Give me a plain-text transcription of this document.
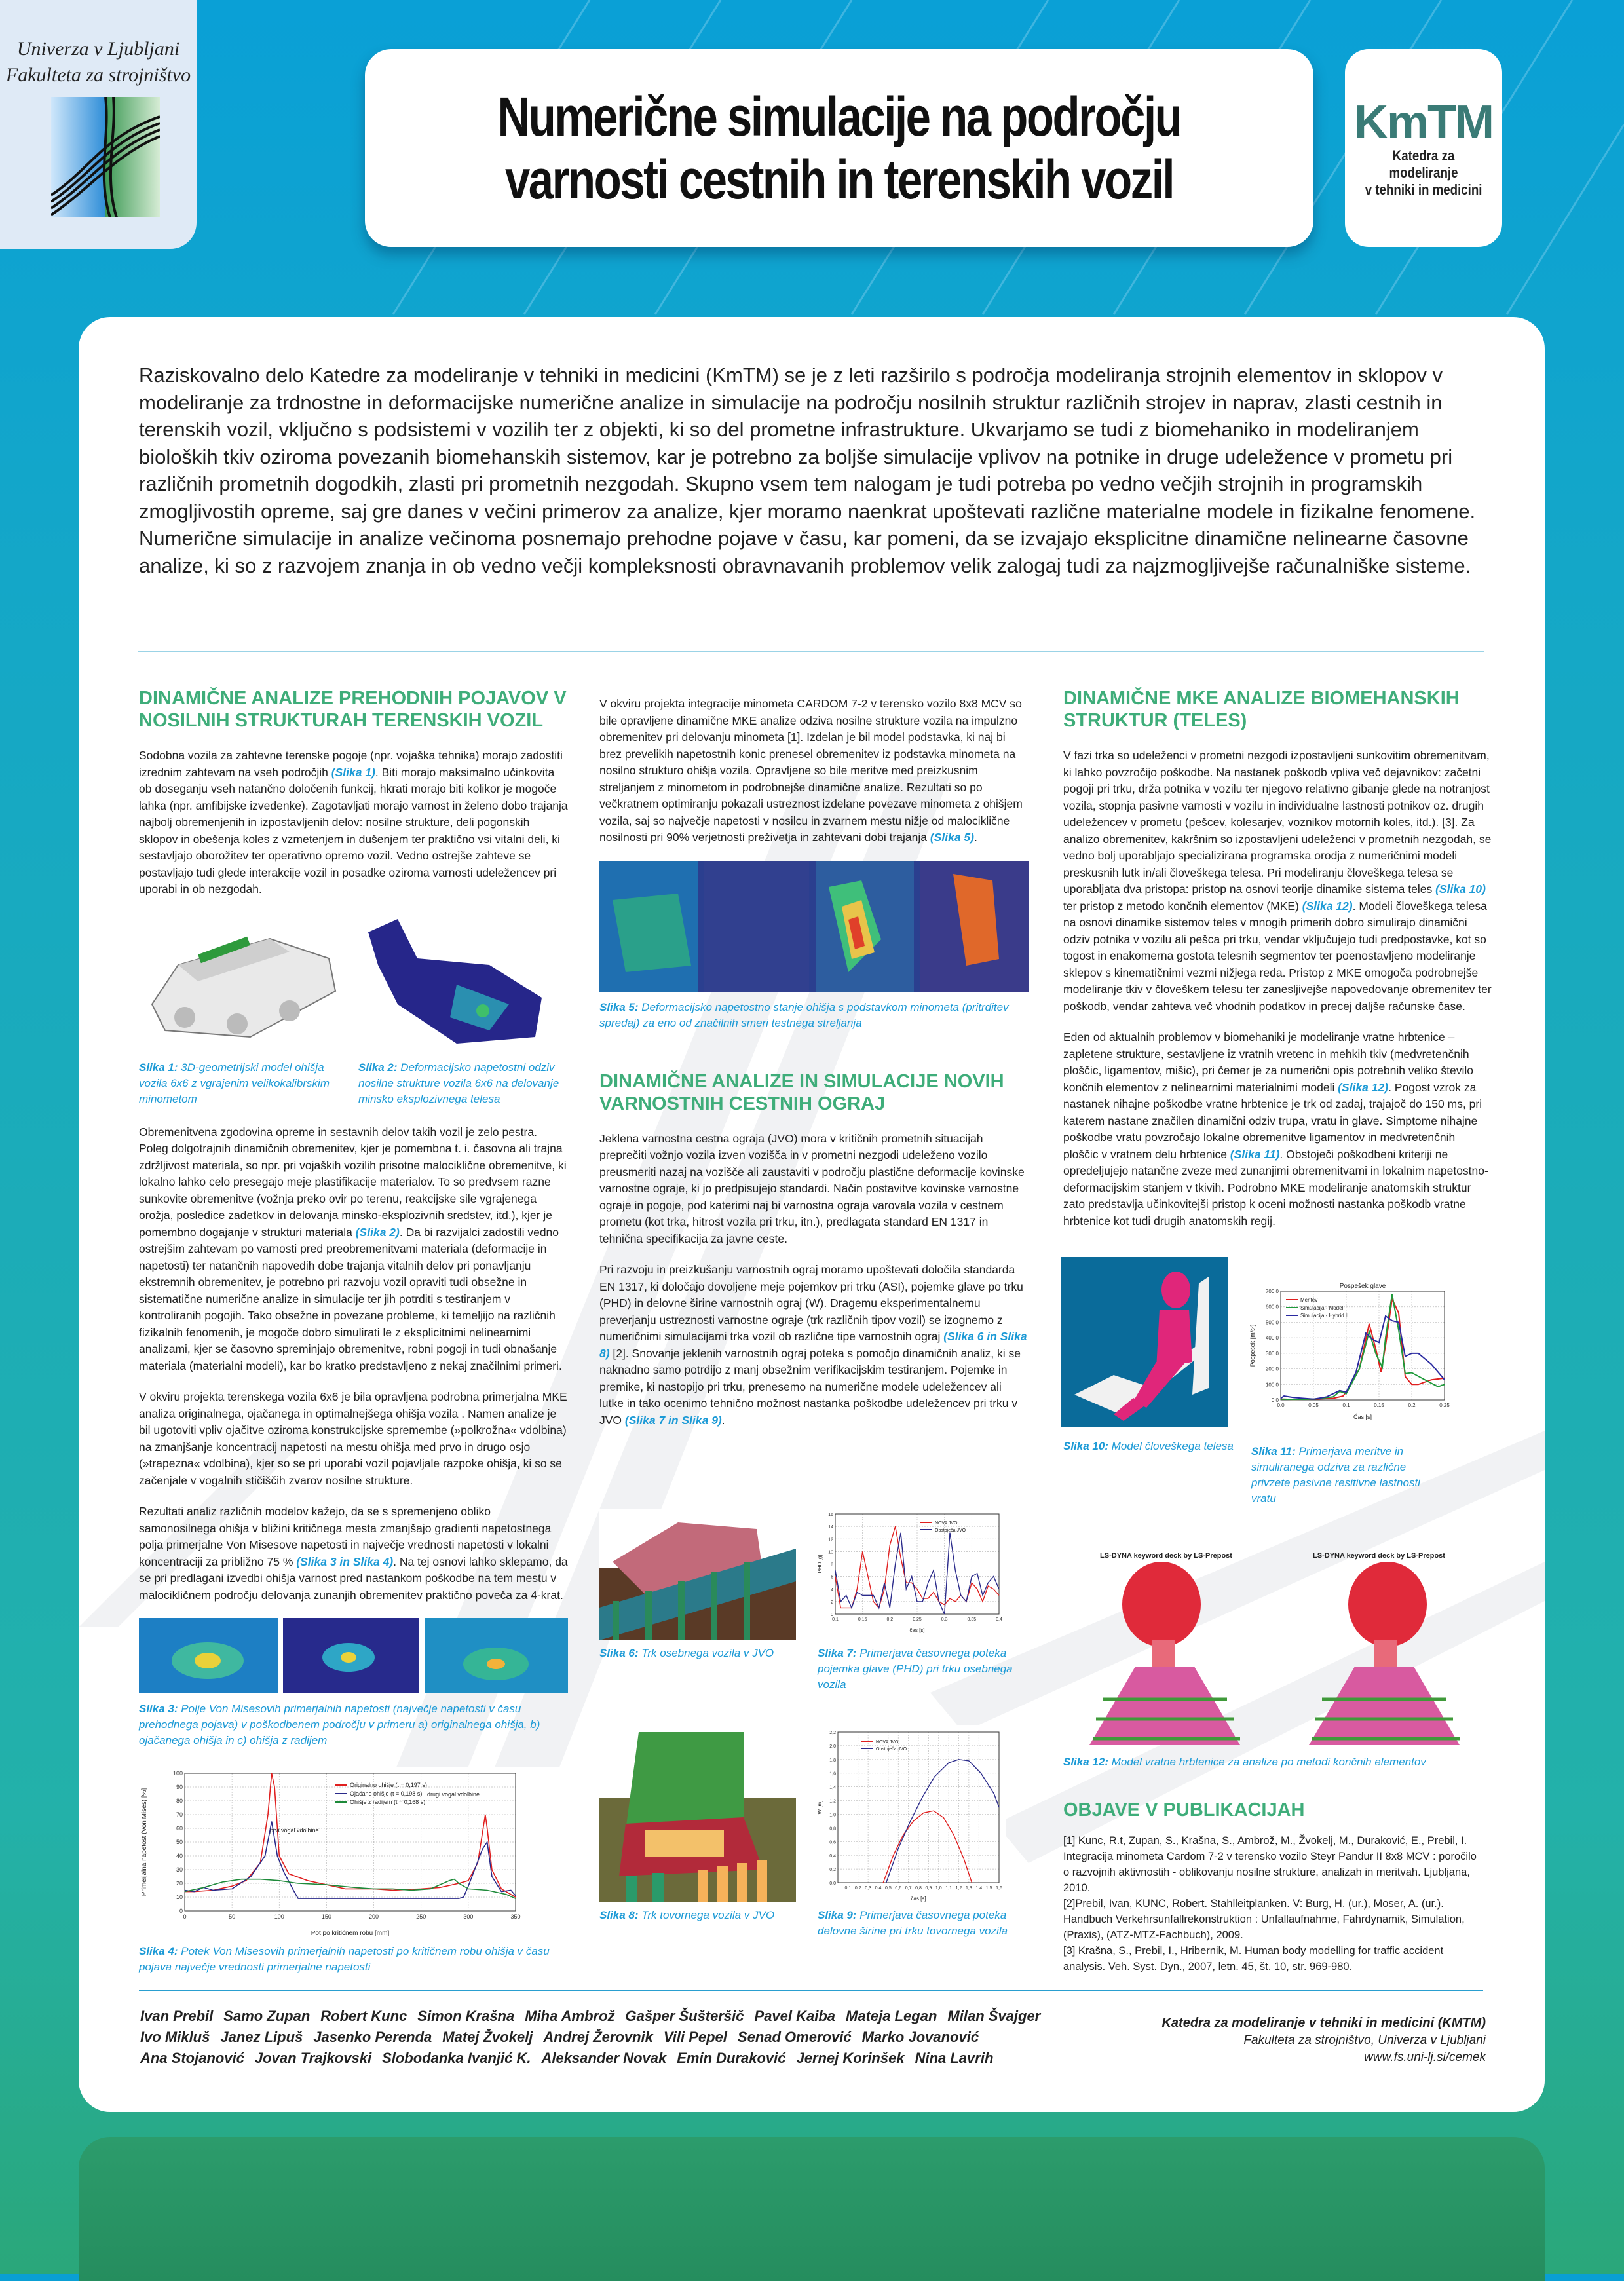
Univerza v Ljubljani
Fakulteta za strojništvo
Numerične simulacije na področju
varnosti cestnih in terenskih vozil
KmTM
Katedra za modeliranje
v tehniki in medicini
Raziskovalno delo Katedre za modeliranje v tehniki in medicini (KmTM) se je z leti razširilo s področja modeliranja strojnih elementov in sklopov v modeliranje za trdnostne in deformacijske numerične analize in simulacije na področju nosilnih struktur različnih strojev in naprav, zlasti cestnih in terenskih vozil, vključno s podsistemi v vozilih ter z objekti, ki so del prometne infrastrukture. Ukvarjamo se tudi z biomehaniko in modeliranjem bioloških tkiv oziroma povezanih biomehanskih sistemov, kar je potrebno za boljše simulacije vplivov na potnike in druge udeležence v prometu pri različnih prometnih dogodkih, zlasti pri prometnih nezgodah. Skupno vsem tem nalogam je tudi potreba po vedno večjih strojnih in programskih zmogljivostih opreme, saj gre danes v večini primerov za analize, kjer moramo naenkrat upoštevati različne materialne modele in fizikalne fenomene. Numerične simulacije in analize večinoma posnemajo prehodne pojave v času, kar pomeni, da se izvajajo eksplicitne dinamične nelinearne časovne analize, ki so z razvojem znanja in ob vedno večji kompleksnosti obravnavanih problemov velik zalogaj tudi za najzmogljivejše računalniške sisteme.
DINAMIČNE ANALIZE PREHODNIH POJAVOV V NOSILNIH STRUKTURAH TERENSKIH VOZIL

Sodobna vozila za zahtevne terenske pogoje (npr. vojaška tehnika) morajo zadostiti izrednim zahtevam na vseh področjih (Slika 1). Biti morajo maksimalno učinkovita ob doseganju vseh natančno določenih funkcij, hkrati morajo biti kolikor je mogoče lahka (npr. amfibijske izvedenke). Zagotavljati morajo varnost in želeno dobo trajanja najbolj obremenjenih in izpostavljenih delov: nosilne strukture, deli pogonskih sklopov in obešenja koles z vzmetenjem in dušenjem ter praktično vsi vitalni deli, ki sestavljajo oborožitev ter operativno opremo vozil. Vedno ostrejše zahteve se postavljajo tudi glede interakcije vozil in posadke oziroma varnosti udeležencev pri uporabi in ob nezgodah.

Slika 1: 3D-geometrijski model ohišja vozila 6x6 z vgrajenim velikokalibrskim minometom

Slika 2: Deformacijsko napetostni odziv nosilne strukture vozila 6x6 na delovanje minsko eksplozivnega telesa

Obremenitvena zgodovina opreme in sestavnih delov takih vozil je zelo pestra. Poleg dolgotrajnih dinamičnih obremenitev, kjer je pomembna t. i. časovna ali trajna zdržljivost materiala, so npr. pri vojaških vozilih prisotne malociklične obremenitve, ki lokalno lahko celo presegajo meje plastifikacije materialov. To so predvsem razne sunkovite obremenitve (vožnja preko ovir po terenu, reakcijske sile vgrajenega orožja, posledice zadetkov in delovanja minsko-eksplozivnih sredstev, itd.), kjer je pomembno dogajanje v strukturi materiala (Slika 2). Da bi razvijalci zadostili vedno ostrejšim zahtevam po varnosti pred preobremenitvami materiala (deformacije in napetosti) ter natančnih napovedih dobe trajanja vitalnih delov pri ponavljanju ekstremnih obremenitev, je potrebno pri razvoju vozil opraviti tudi obsežne in sistematične numerične analize in simulacije ter jih potrditi s testiranjem v kontroliranih pogojih. Tako obsežne in povezane probleme, ki temeljijo na različnih fizikalnih fenomenih, je mogoče dobro simulirati le z eksplicitnimi nelinearnimi analizami, kjer se časovno spreminjajo obremenitve, robni pogoji in tudi obnašanje materiala (materialni modeli), kar bo kratko predstavljeno z nekaj značilnimi primeri.

V okviru projekta terenskega vozila 6x6 je bila opravljena podrobna primerjalna MKE analiza originalnega, ojačanega in optimalnejšega ohišja vozila . Namen analize je bil ugotoviti vpliv ojačitve oziroma konstrukcijske spremembe (»polkrožna« vdolbina) na zmanjšanje koncentracij napetosti na mestu ohišja med prvo in drugo osjo (»trapezna« vdolbina), kjer so se pri uporabi vozil pojavljale razpoke ohišja, ki so se začenjale v vogalnih stičiščih zvarov nosilne strukture.

Rezultati analiz različnih modelov kažejo, da se s spremenjeno obliko samonosilnega ohišja v bližini kritičnega mesta zmanjšajo gradienti napetostnega polja primerjalne Von Misesove napetosti in največje vrednosti napetosti v lokalni koncentraciji za približno 75 % (Slika 3 in Slika 4). Na tej osnovi lahko sklepamo, da se pri predlagani izvedbi ohišja varnost pred nastankom poškodbe na tem mestu v malocikličnem področju delovanja zunanjih obremenitev praktično poveča za 4-krat.

Slika 3: Polje Von Misesovih primerjalnih napetosti (največje napetosti v času prehodnega pojava) v poškodbenem področju v primeru a) originalnega ohišja, b) ojačanega ohišja in c) ohišja z radijem

0
10
20
30
40
50
60
70
80
90
100
0	50	100	150	200	250	300	350
Pot po kritičnem robu [mm]
Primerjalna napetost (Von Mises) [%]
Originalno ohišje (t = 0,197 s)
Ojačano ohišje (t = 0,198 s)
Ohišje z radijem (t = 0,168 s)
prvi vogal vdolbine
drugi vogal vdolbine

Slika 4: Potek Von Misesovih primerjalnih napetosti po kritičnem robu ohišja v času pojava največje vrednosti primerjalne napetosti

V okviru projekta integracije minometa CARDOM 7-2 v terensko vozilo 8x8 MCV so bile opravljene dinamične MKE analize odziva nosilne strukture vozila na impulzno obremenitev pri delovanju minometa [1]. Izdelan je bil model podstavka, ki naj bi brez prevelikih napetostnih konic prenesel obremenitev iz podstavka minometa na nosilno strukturo ohišja vozila. Opravljene so bile meritve med preizkusnim streljanjem z minometom in podrobnejše dinamične analize. Rezultati so po večkratnem optimiranju pokazali ustreznost izdelane povezave minometa z ohišjem vozila, saj so največje napetosti v nosilcu in zvarnem mestu nižje od malociklične nosilnosti pri 90% verjetnosti preživetja in zahtevani dobi trajanja (Slika 5).

Slika 5: Deformacijsko napetostno stanje ohišja s podstavkom minometa (pritrditev spredaj) za eno od značilnih smeri testnega streljanja

DINAMIČNE ANALIZE IN SIMULACIJE NOVIH VARNOSTNIH CESTNIH OGRAJ

Jeklena varnostna cestna ograja (JVO) mora v kritičnih prometnih situacijah preprečiti vožnjo vozila izven vozišča in v prometni nezgodi udeleženo vozilo preusmeriti nazaj na vozišče ali zaustaviti v področju plastične deformacije kovinske varnostne ograje, ki jo predpisujejo standardi. Način postavitve kovinske varnostne ograje in pogoje, pod katerimi naj bi varnostna ograja varovala vozila v cestnem prometu (kot trka, hitrost vozila pri trku, itn.), predlagata standard EN 1317 in tehnična specifikacija za javne ceste.

Pri razvoju in preizkušanju varnostnih ograj moramo upoštevati določila standarda EN 1317, ki določajo dovoljene meje pojemkov pri trku (ASI), pojemke glave po trku (PHD) in delovne širine varnostnih ograj (W). Dragemu eksperimentalnemu preverjanju ustreznosti varnostne ograje (trk različnih tipov vozil) se izognemo z numeričnimi simulacijami trka vozil ob različne tipe varnostnih ograj (Slika 6 in Slika 8) [2]. Snovanje jeklenih varnostnih ograj poteka s pomočjo dinamičnih analiz, ki se naknadno samo potrdijo z manj obsežnim verifikacijskim testiranjem. Pojemke in premike, ki nastopijo pri trku, prenesemo na numerične modele udeležencev ali lutke in tako ocenimo tehnično možnost nastanka poškodbe udeležencev pri trku v JVO (Slika 7 in Slika 9).

0
2
4
6
8
10
12
14
16
0.1	0.15	0.2	0.25	0.3	0.35	0.4
čas [s]
PHD [g]
NOVA JVO
Obstoječa JVO

Slika 6: Trk osebnega vozila v JVO	Slika 7: Primerjava časovnega poteka pojemka glave (PHD) pri trku osebnega vozila

0,0
0,2
0,4
0,6
0,8
1,0
1,2
1,4
1,6
1,8
2,0
2,2
0,1 0,2 0,3 0,4 0,5 0,6 0,7 0,8 0,9 1,0 1,1 1,2 1,3 1,4 1,5 1,6
čas [s]
W [m]
NOVA JVO
Obstoječa JVO

Slika 8: Trk tovornega vozila v JVO	Slika 9: Primerjava časovnega poteka delovne širine pri trku tovornega vozila

DINAMIČNE MKE ANALIZE BIOMEHANSKIH STRUKTUR (TELES)

V fazi trka so udeleženci v prometni nezgodi izpostavljeni sunkovitim obremenitvam, ki lahko povzročijo poškodbe. Na nastanek poškodb vpliva več dejavnikov: začetni pogoji pri trku, drža potnika v vozilu ter njegovo relativno gibanje glede na notranjost vozila, stopnja pasivne varnosti v vozilu in individualne lastnosti potnikov oz. drugih udeležencev v prometu (pešcev, kolesarjev, voznikov motornih koles, itd.). [3]. Za analizo obremenitev, kakršnim so izpostavljeni udeleženci v prometnih nezgodah, se vedno bolj uporabljajo specializirana programska orodja z numeričnimi modeli preskusnih lutk in/ali človeškega telesa. Pri modeliranju človeškega telesa se uporabljata dva pristopa: pristop na osnovi teorije dinamike sistema teles (Slika 10) ter pristop z metodo končnih elementov (MKE) (Slika 12). Modeli človeškega telesa na osnovi dinamike sistemov teles v mnogih primerih dobro simulirajo dinamični odziv potnika v vozilu ali pešca pri trku, vendar vključujejo tudi predpostavke, kot so togost in enakomerna gostota telesnih segmentov ter poenostavljeno modeliranje sklepov s kinematičnimi vezmi nižjega reda. Pristop z MKE omogoča podrobnejše modeliranje tkiv v človeškem telesu ter zanesljivejše napovedovanje obremenitev ter poškodb, vendar zahteva več vhodnih podatkov in precej daljše računske čase.

Eden od aktualnih problemov v biomehaniki je modeliranje vratne hrbtenice – zapletene strukture, sestavljene iz vratnih vretenc in mehkih tkiv (medvretenčnih ploščic, ligamentov, mišic), pri čemer je za numerični opis potrebnih veliko število končnih elementov z nelinearnimi materialnimi modeli (Slika 12). Pogost vzrok za nastanek nihajne poškodbe vratne hrbtenice je trk od zadaj, trajajoč do 150 ms, pri katerem nastane značilen dinamični odziv trupa, vratu in glave. Simptome nihajne poškodbe vratu povzročajo lokalne obremenitve ligamentov in medvretenčnih ploščic v vratnem delu hrbtenice (Slika 11). Obstoječi poškodbeni kriteriji ne opredeljujejo natančne zveze med zunanjimi obremenitvami in lokalnim napetostno-deformacijskim stanjem v tkivih. Podrobno MKE modeliranje anatomskih struktur zato predstavlja učinkovitejši pristop k oceni možnosti nastanka poškodb vratne hrbtenice kot tudi drugih anatomskih regij.

0.0
100.0
200.0
300.0
400.0
500.0
600.0
700.0
0.0	0.05	0.1	0.15	0.2	0.25
Čas [s]
Pospešek [m/s²]
Pospešek glave
Meritev
Simulacija - Model
Simulacija - Hybrid II

Slika 10: Model človeškega telesa	Slika 11: Primerjava meritve in simuliranega odziva za različne privzete pasivne resitivne lastnosti vratu

LS-DYNA keyword deck by LS-Prepost	LS-DYNA keyword deck by LS-Prepost

Slika 12: Model vratne hrbtenice za analize po metodi končnih elementov

OBJAVE V PUBLIKACIJAH
[1] Kunc, R.t, Zupan, S., Krašna, S., Ambrož, M., Žvokelj, M., Duraković, E., Prebil, I. Integracija minometa Cardom 7-2 v terensko vozilo Steyr Pandur II 8x8 MCV : poročilo o razvojnih aktivnostih - oblikovanju nosilne strukture, analizah in meritvah. Ljubljana, 2010.
[2]Prebil, Ivan, KUNC, Robert. Stahlleitplanken. V: Burg, H. (ur.), Moser, A. (ur.). Handbuch Verkehrsunfallrekonstruktion : Unfallaufnahme, Fahrdynamik, Simulation, (Praxis), (ATZ-MTZ-Fachbuch), 2009.
[3] Krašna, S., Prebil, I., Hribernik, M. Human body modelling for traffic accident analysis. Veh. Syst. Dyn., 2007, letn. 45, št. 10, str. 969-980.
Ivan Prebil Samo Zupan Robert Kunc Simon Krašna Miha Ambrož Gašper Šušteršič Pavel Kaiba Mateja Legan Milan Švajger
Ivo Mikluš Janez Lipuš Jasenko Perenda Matej Žvokelj Andrej Žerovnik Vili Pepel Senad Omerović Marko Jovanović
Ana Stojanović Jovan Trajkovski Slobodanka Ivanjić K. Aleksander Novak Emin Duraković Jernej Korinšek Nina Lavrih
Katedra za modeliranje v tehniki in medicini (KMTM)
Fakulteta za strojništvo, Univerza v Ljubljani
www.fs.uni-lj.si/cemek
